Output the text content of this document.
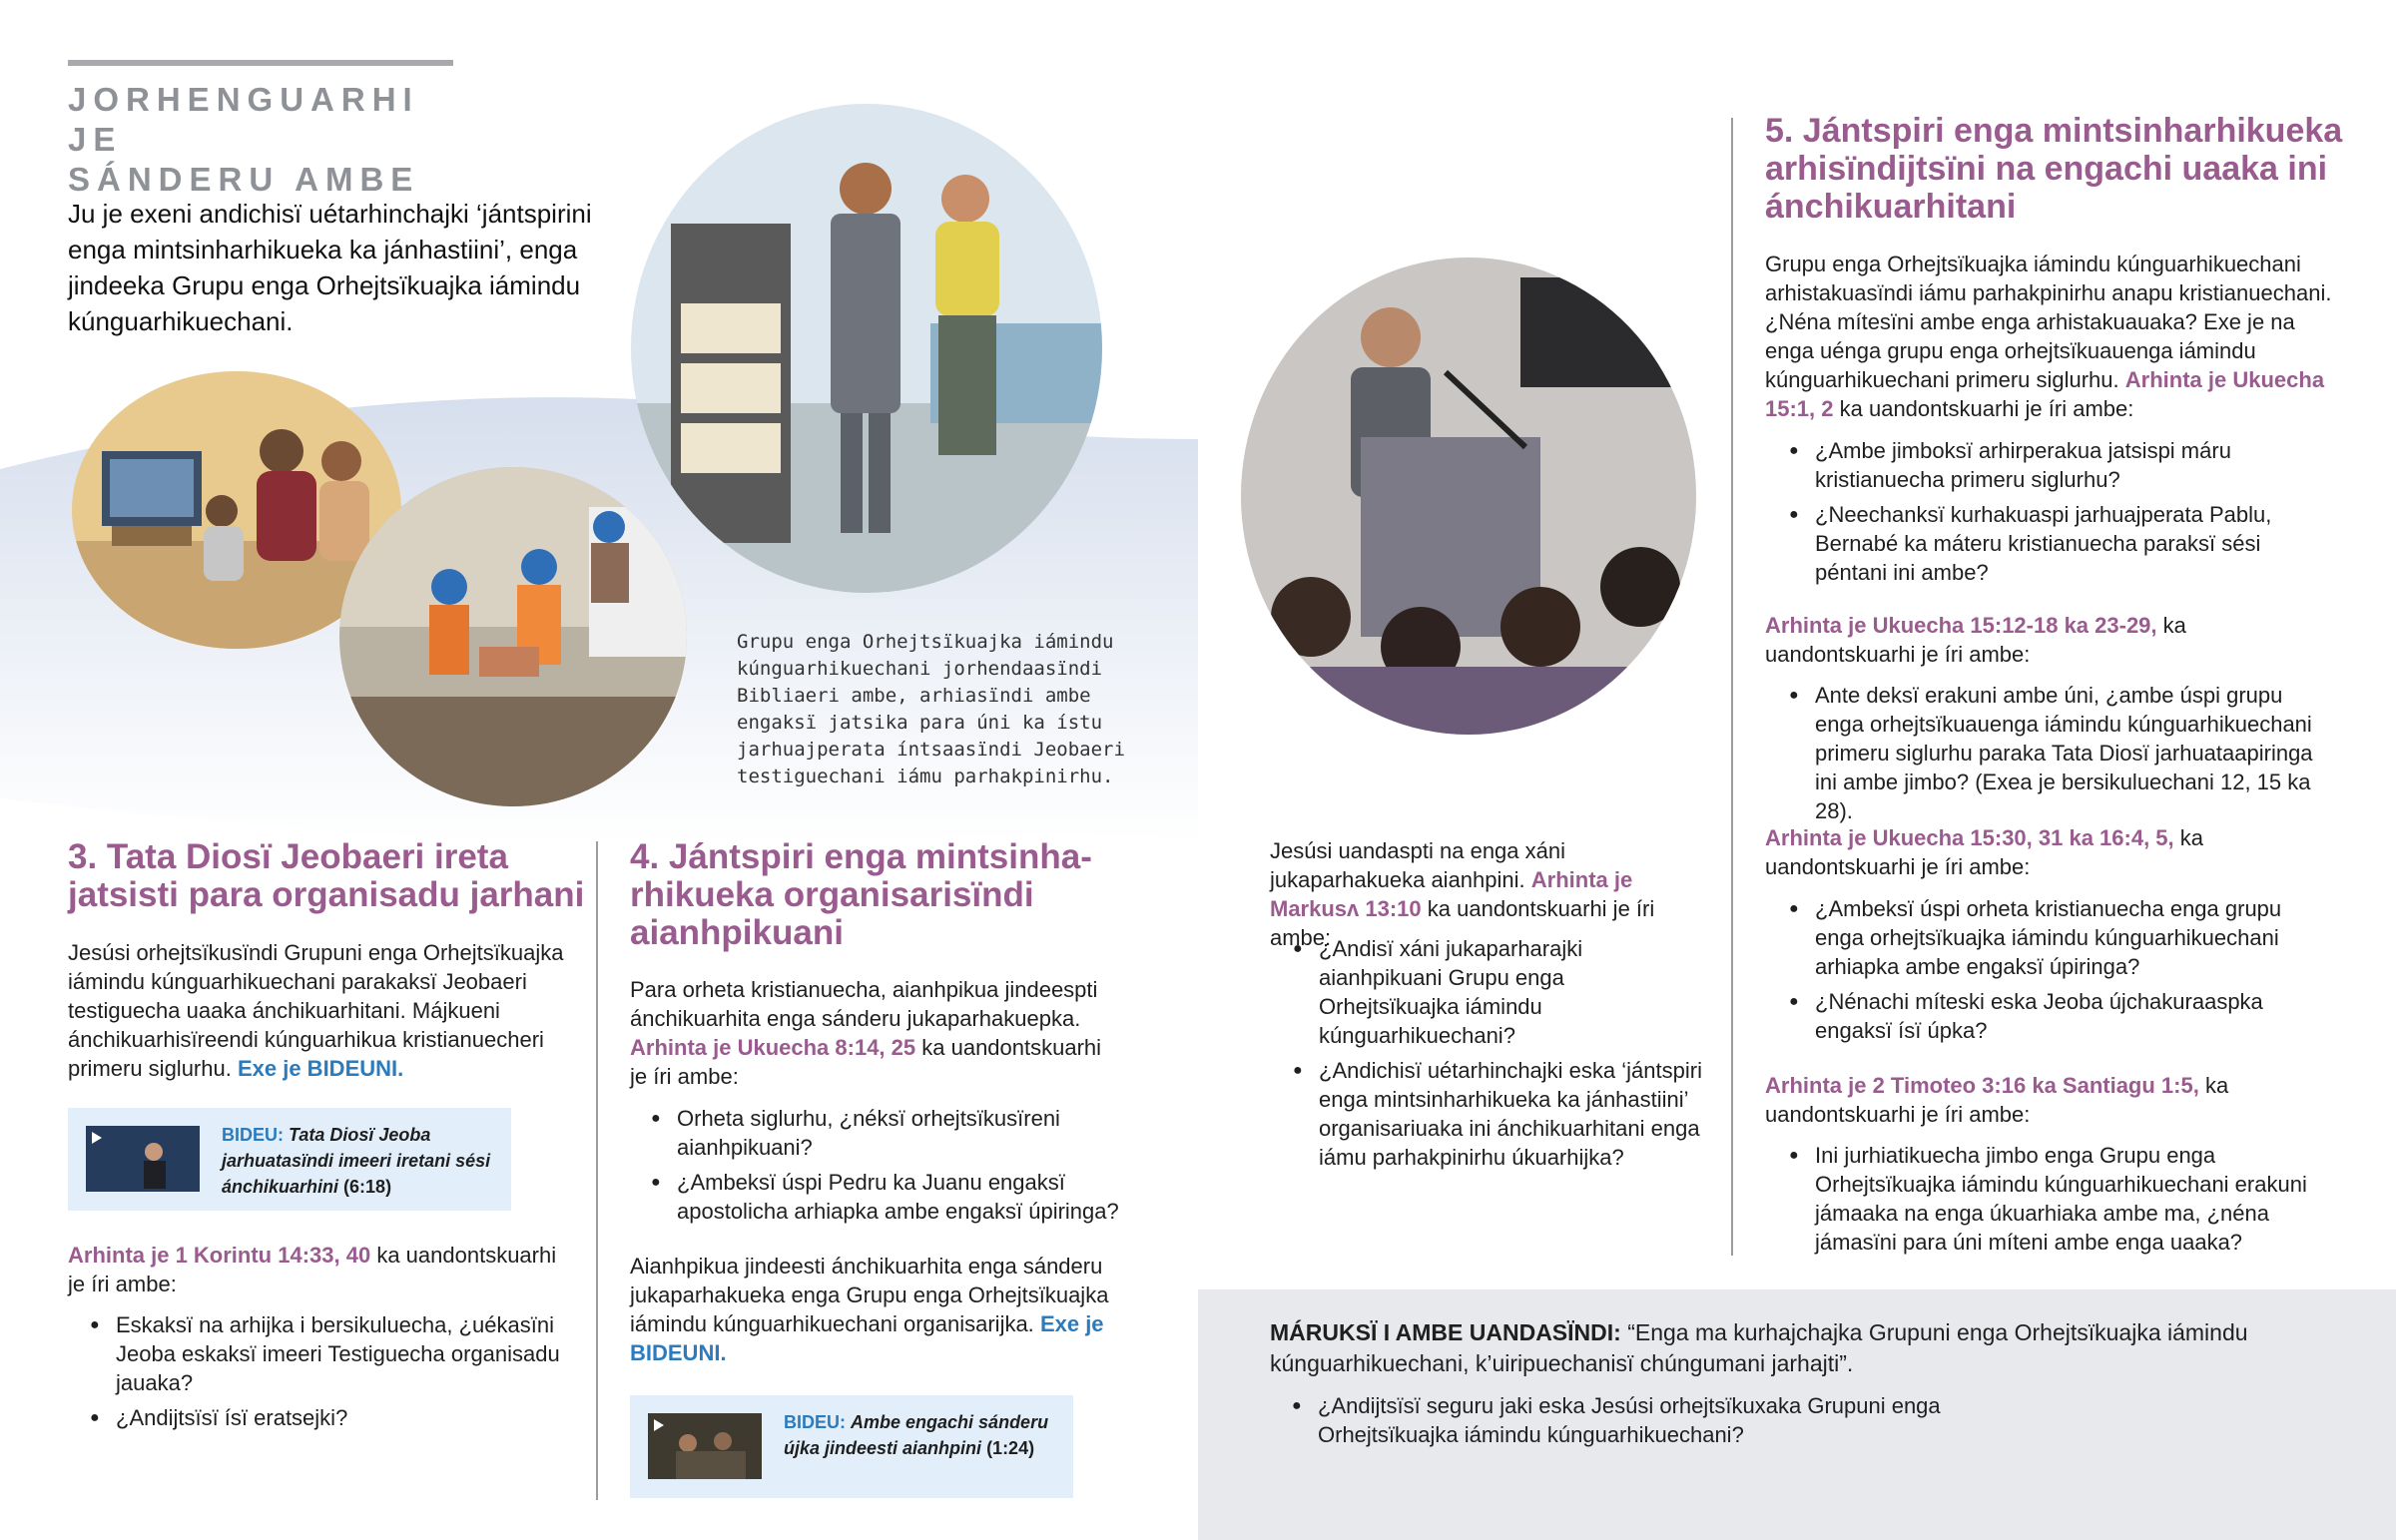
JORHENGUARHI JE
SÁNDERU AMBE
Ju je exeni andichisï uétarhinchajki ‘jántspirini enga mintsinharhikueka ka jánhastiini’, enga jindeeka Grupu enga Orhejtsïkuajka iámindu kúnguarhikuechani.
Grupu enga Orhejtsïkuajka iámindu kúnguarhikuechani jorhendaasïndi Bibliaeri ambe, arhiasïndi ambe engaksï jatsika para úni ka ístu jarhuajperata íntsaasïndi Jeobaeri testiguechani iámu parhakpinirhu.
3. Tata Diosï Jeobaeri ireta
jatsisti para organisadu jarhani
Jesúsi orhejtsïkusïndi Grupuni enga Orhejtsïkuajka iámindu kúnguarhikuechani parakaksï Jeobaeri testiguecha uaaka ánchikuarhitani. Májkueni ánchikuarhisïreendi kúnguarhikua kristianuecheri primeru siglurhu. Exe je BIDEUNI.
BIDEU: Tata Diosï Jeoba jarhuatasïndi imeeri iretani sési ánchikuarhini (6:18)
Arhinta je 1 Korintu 14:33, 40 ka uandontskuarhi je íri ambe:
● Eskaksï na arhijka i bersikuluecha, ¿uékasïni Jeoba eskaksï imeeri Testiguecha organisadu jauaka?
● ¿Andijtsïsï ísï eratsejki?
4. Jántspiri enga mintsinha-
rhikueka organisarisïndi
aianhpikuani
Para orheta kristianuecha, aianhpikua jindeespti ánchikuarhita enga sánderu jukaparhakuepka. Arhinta je Ukuecha 8:14, 25 ka uandontskuarhi je íri ambe:
● Orheta siglurhu, ¿néksï orhejtsïkusïreni aianhpikuani?
● ¿Ambeksï úspi Pedru ka Juanu engaksï apostolicha arhiapka ambe engaksï úpiringa?
Aianhpikua jindeesti ánchikuarhita enga sánderu jukaparhakueka enga Grupu enga Orhejtsïkuajka iámindu kúnguarhikuechani organisarijka. Exe je BIDEUNI.
BIDEU: Ambe engachi sánderu újka jindeesti aianhpini (1:24)
Jesúsi uandaspti na enga xáni jukaparhakueka aianhpini. Arhinta je Markusʌ 13:10 ka uandontskuarhi je íri ambe:
● ¿Andisï xáni jukaparharajki aianhpikuani Grupu enga Orhejtsïkuajka iámindu kúnguarhikuechani?
● ¿Andichisï uétarhinchajki eska ‘jántspiri enga mintsinharhikueka ka jánhastiini’ organisariuaka ini ánchikuarhitani enga iámu parhakpinirhu úkuarhijka?
5. Jántspiri enga mintsinharhikueka
arhisïndijtsïni na engachi uaaka ini
ánchikuarhitani
Grupu enga Orhejtsïkuajka iámindu kúnguarhikuechani arhistakuasïndi iámu parhakpinirhu anapu kristianuechani. ¿Néna mítesïni ambe enga arhistakuauaka? Exe je na enga uénga grupu enga orhejtsïkuauenga iámindu kúnguarhikuechani primeru siglurhu. Arhinta je Ukuecha 15:1, 2 ka uandontskuarhi je íri ambe:
● ¿Ambe jimboksï arhirperakua jatsispi máru kristianuecha primeru siglurhu?
● ¿Neechanksï kurhakuaspi jarhuajperata Pablu, Bernabé ka máteru kristianuecha paraksï sési péntani ini ambe?
Arhinta je Ukuecha 15:12-18 ka 23-29, ka uandontskuarhi je íri ambe:
● Ante deksï erakuni ambe úni, ¿ambe úspi grupu enga orhejtsïkuauenga iámindu kúnguarhikuechani primeru siglurhu paraka Tata Diosï jarhuataapiringa ini ambe jimbo? (Exea je bersikuluechani 12, 15 ka 28).
Arhinta je Ukuecha 15:30, 31 ka 16:4, 5, ka uandontskuarhi je íri ambe:
● ¿Ambeksï úspi orheta kristianuecha enga grupu enga orhejtsïkuajka iámindu kúnguarhikuechani arhiapka ambe engaksï úpiringa?
● ¿Nénachi míteski eska Jeoba újchakuraaspka engaksï ísï úpka?
Arhinta je 2 Timoteo 3:16 ka Santiagu 1:5, ka uandontskuarhi je íri ambe:
● Ini jurhiatikuecha jimbo enga Grupu enga Orhejtsïkuajka iámindu kúnguarhikuechani erakuni jámaaka na enga úkuarhiaka ambe ma, ¿néna jámasïni para úni míteni ambe enga uaaka?
MÁRUKSÏ I AMBE UANDASÏNDI: “Enga ma kurhajchajka Grupuni enga Orhejtsïkuajka iámindu kúnguarhikuechani, k’uiripuechanisï chúngumani jarhajti”.
● ¿Andijtsïsï seguru jaki eska Jesúsi orhejtsïkuxaka Grupuni enga Orhejtsïkuajka iámindu kúnguarhikuechani?
